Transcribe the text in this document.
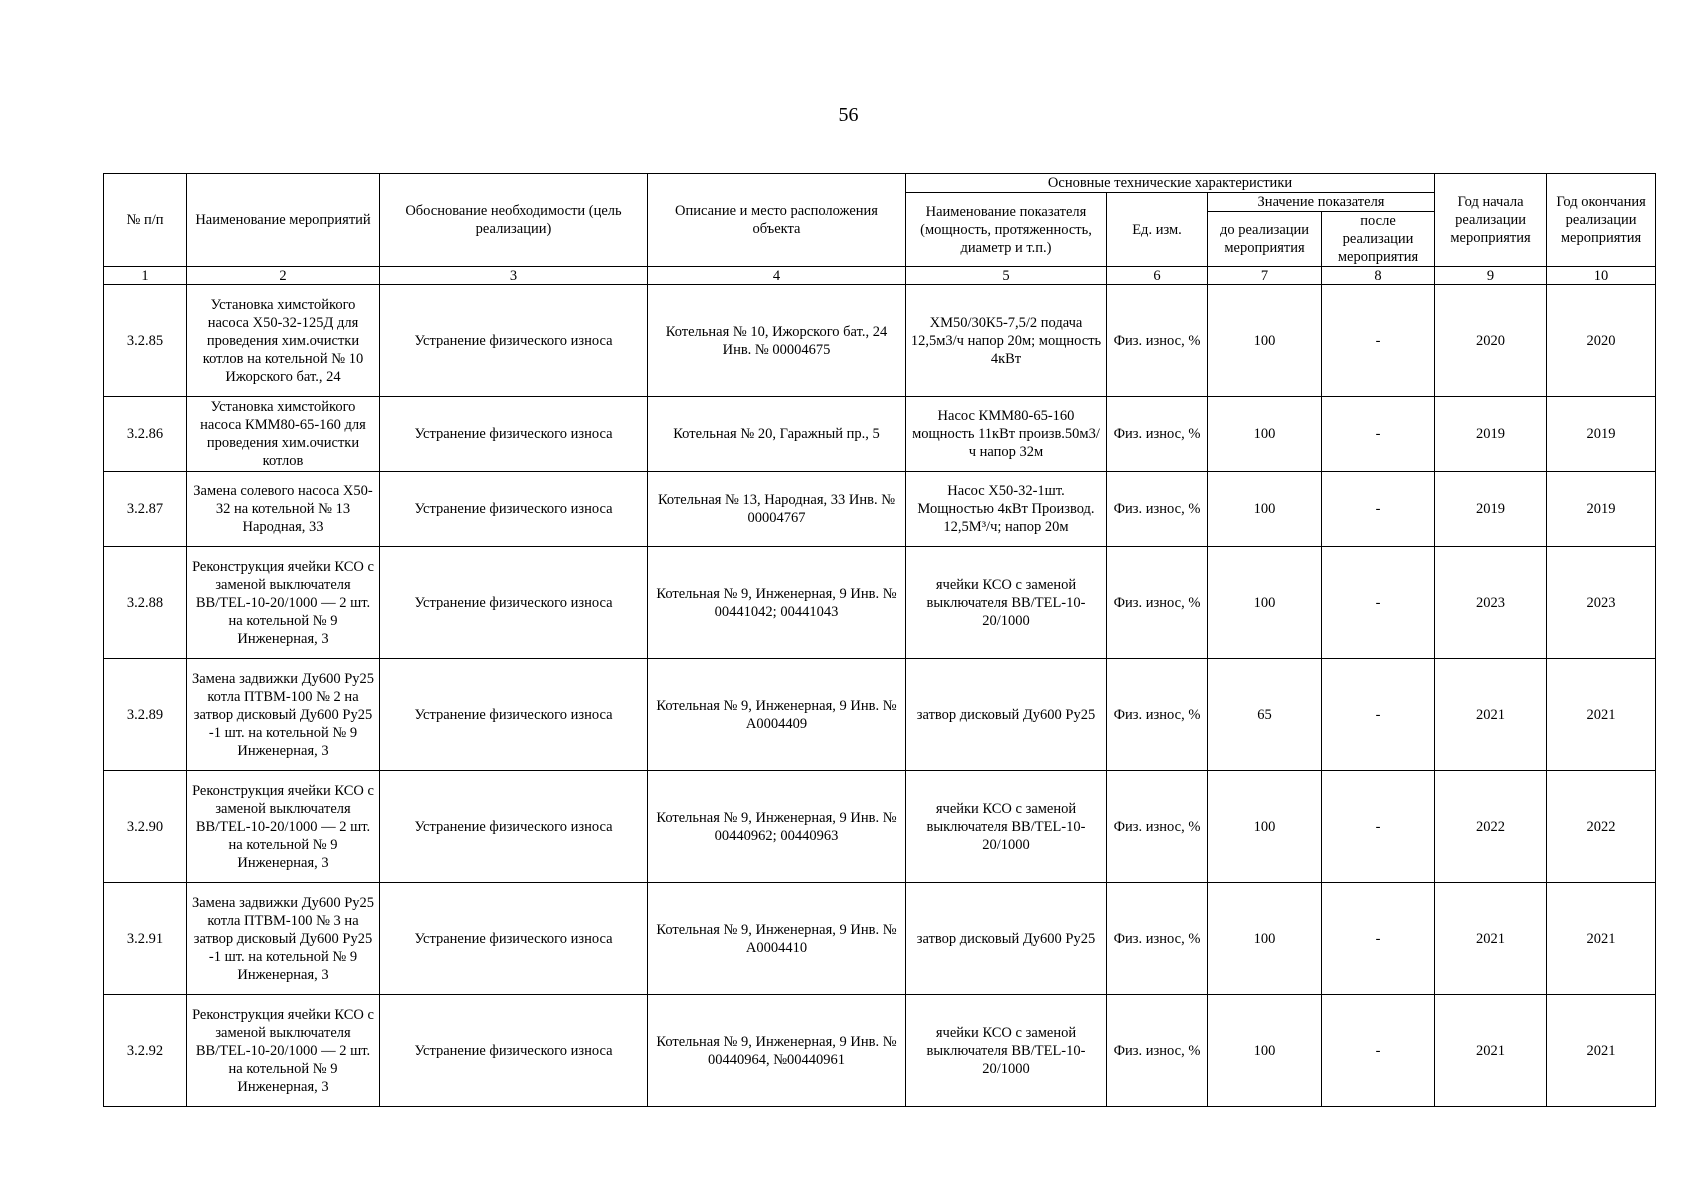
56
№ п/п	Наименование мероприятий	Обоснование необходимости (цель реализации)	Описание и место расположения объекта	Основные технические характеристики				Год начала реализации мероприятия	Год окончания реализации мероприятия
				Наименование показателя (мощность, протяженность, диаметр и т.п.)	Ед. изм.	Значение показателя			
						до реализации мероприятия	после реализации мероприятия		
1	2	3	4	5	6	7	8	9	10
3.2.85	Установка химстойкого насоса Х50-32-125Д для проведения хим.очистки котлов на котельной № 10 Ижорского бат., 24	Устранение физического износа	Котельная № 10, Ижорского бат., 24 Инв. № 00004675	ХМ50/30К5-7,5/2 подача 12,5м3/ч напор 20м; мощность 4кВт	Физ. износ, %	100	-	2020	2020
3.2.86	Установка химстойкого насоса КММ80-65-160 для проведения хим.очистки котлов	Устранение физического износа	Котельная № 20, Гаражный пр., 5	Насос КММ80-65-160 мощность 11кВт произв.50м3/ч напор 32м	Физ. износ, %	100	-	2019	2019
3.2.87	Замена солевого насоса Х50-32 на котельной № 13 Народная, 33	Устранение физического износа	Котельная № 13, Народная, 33 Инв. № 00004767	Насос Х50-32-1шт. Мощностью 4кВт Производ. 12,5М³/ч; напор 20м	Физ. износ, %	100	-	2019	2019
3.2.88	Реконструкция ячейки КСО с заменой выключателя BB/TEL-10-20/1000 — 2 шт. на котельной № 9 Инженерная, 3	Устранение физического износа	Котельная № 9, Инженерная, 9 Инв. № 00441042; 00441043	ячейки КСО с заменой выключателя BB/TEL-10-20/1000	Физ. износ, %	100	-	2023	2023
3.2.89	Замена задвижки Ду600 Ру25 котла ПТВМ-100 № 2 на затвор дисковый Ду600 Ру25 -1 шт. на котельной № 9 Инженерная, 3	Устранение физического износа	Котельная № 9, Инженерная, 9 Инв. № А0004409	затвор дисковый Ду600 Ру25	Физ. износ, %	65	-	2021	2021
3.2.90	Реконструкция ячейки КСО с заменой выключателя BB/TEL-10-20/1000 — 2 шт. на котельной № 9 Инженерная, 3	Устранение физического износа	Котельная № 9, Инженерная, 9 Инв. № 00440962; 00440963	ячейки КСО с заменой выключателя BB/TEL-10-20/1000	Физ. износ, %	100	-	2022	2022
3.2.91	Замена задвижки Ду600 Ру25 котла ПТВМ-100 № 3 на затвор дисковый Ду600 Ру25 -1 шт. на котельной № 9 Инженерная, 3	Устранение физического износа	Котельная № 9, Инженерная, 9 Инв. № А0004410	затвор дисковый Ду600 Ру25	Физ. износ, %	100	-	2021	2021
3.2.92	Реконструкция ячейки КСО с заменой выключателя BB/TEL-10-20/1000 — 2 шт. на котельной № 9 Инженерная, 3	Устранение физического износа	Котельная № 9, Инженерная, 9 Инв. № 00440964, №00440961	ячейки КСО с заменой выключателя BB/TEL-10-20/1000	Физ. износ, %	100	-	2021	2021
